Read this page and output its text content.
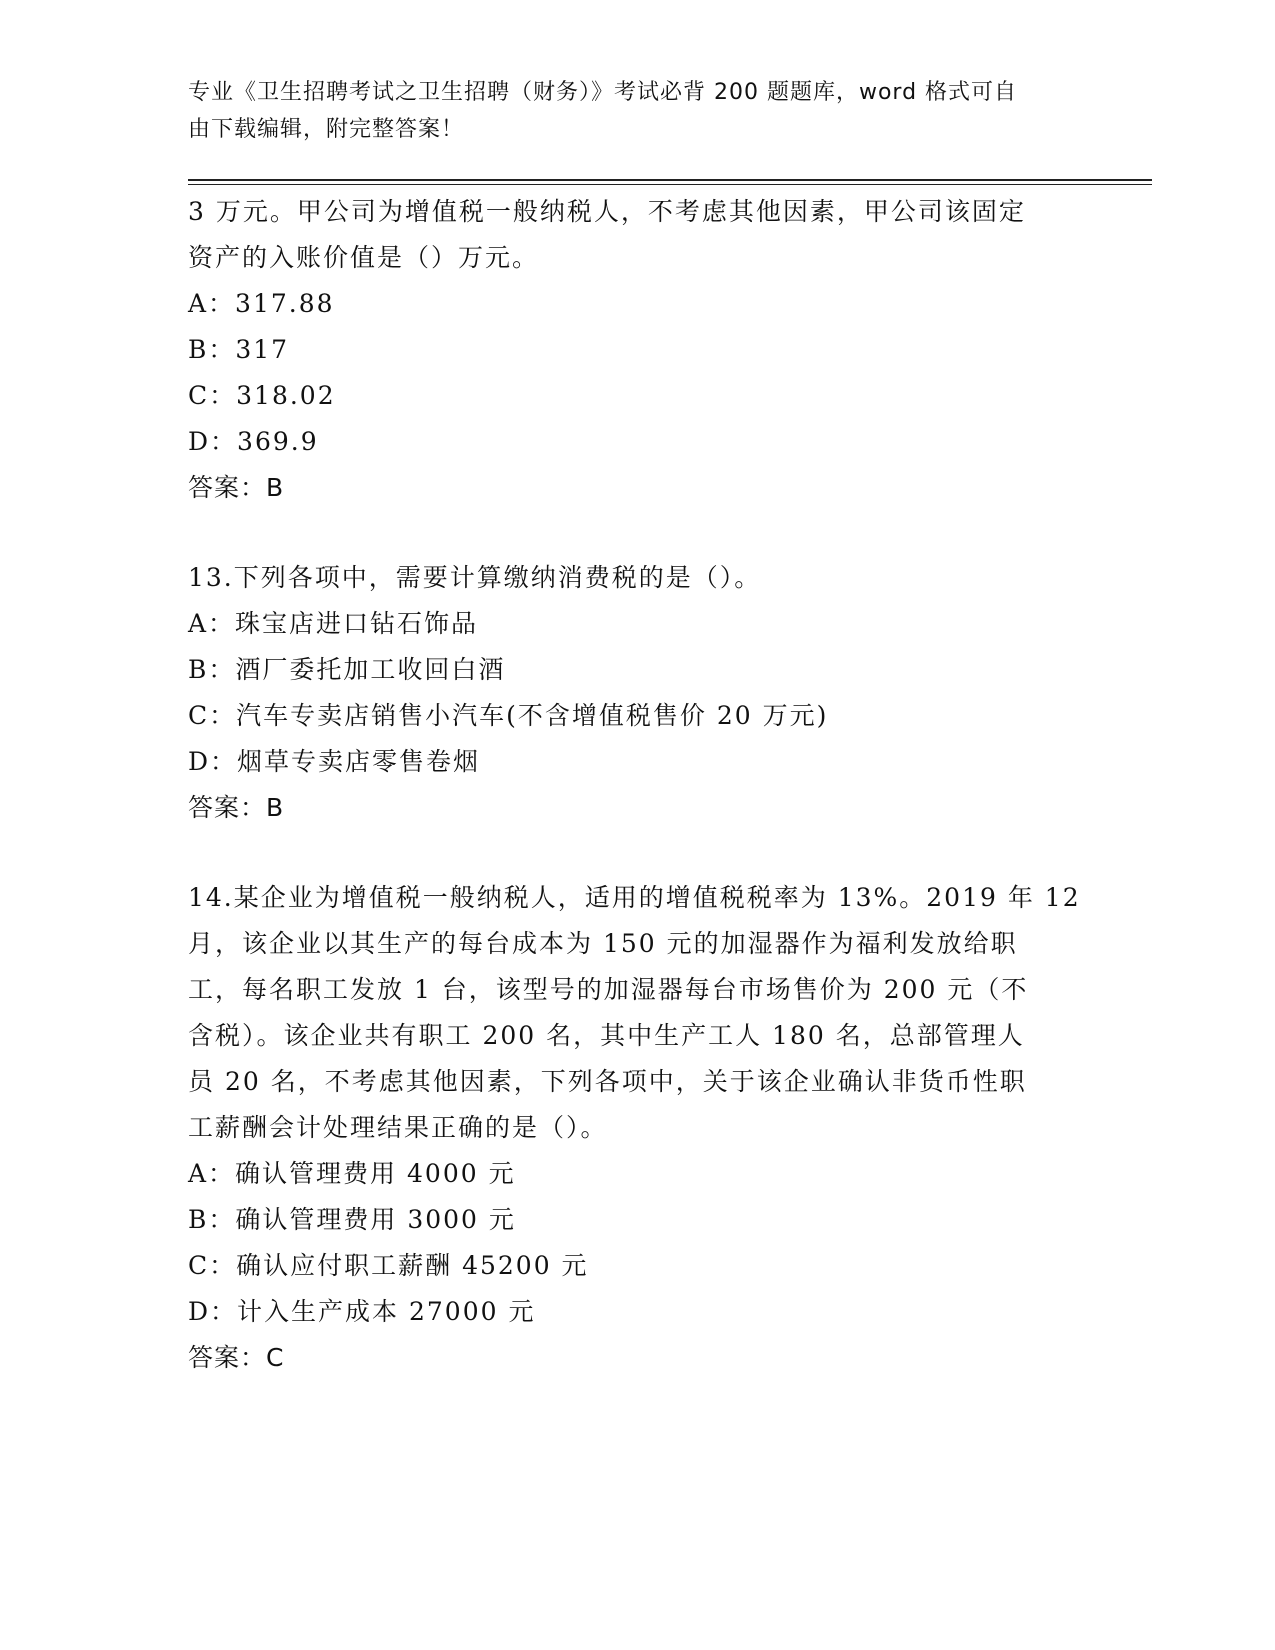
专业《卫生招聘考试之卫生招聘（财务）》考试必背 200 题题库，word 格式可自
由下载编辑，附完整答案！
3 万元。甲公司为增值税一般纳税人，不考虑其他因素，甲公司该固定
资产的入账价值是（）万元。
A：317.88
B：317
C：318.02
D：369.9
答案：B
13.下列各项中，需要计算缴纳消费税的是（）。
A：珠宝店进口钻石饰品
B：酒厂委托加工收回白酒
C：汽车专卖店销售小汽车(不含增值税售价 20 万元)
D：烟草专卖店零售卷烟
答案：B
14.某企业为增值税一般纳税人，适用的增值税税率为 13%。2019 年 12
月，该企业以其生产的每台成本为 150 元的加湿器作为福利发放给职
工，每名职工发放 1 台，该型号的加湿器每台市场售价为 200 元（不
含税）。该企业共有职工 200 名，其中生产工人 180 名，总部管理人
员 20 名，不考虑其他因素，下列各项中，关于该企业确认非货币性职
工薪酬会计处理结果正确的是（）。
A：确认管理费用 4000 元
B：确认管理费用 3000 元
C：确认应付职工薪酬 45200 元
D：计入生产成本 27000 元
答案：C
